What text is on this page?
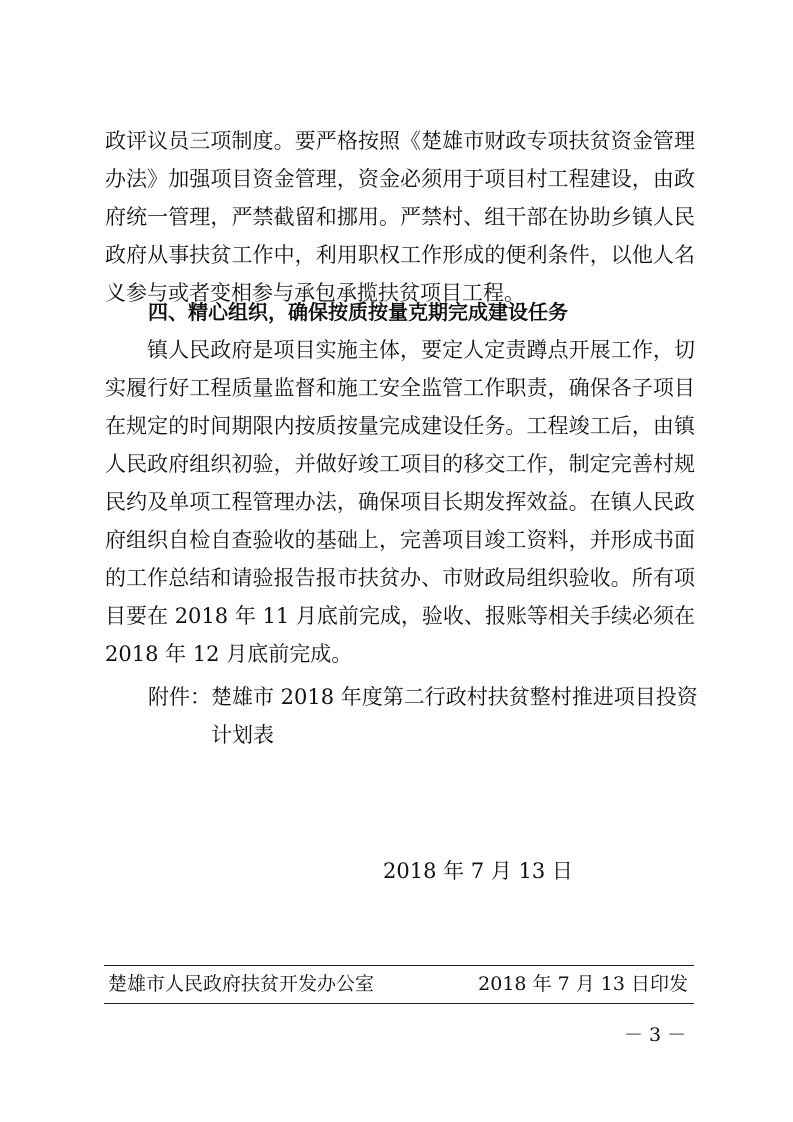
政评议员三项制度。要严格按照《楚雄市财政专项扶贫资金管理
办法》加强项目资金管理，资金必须用于项目村工程建设，由政
府统一管理，严禁截留和挪用。严禁村、组干部在协助乡镇人民
政府从事扶贫工作中，利用职权工作形成的便利条件，以他人名
义参与或者变相参与承包承揽扶贫项目工程。
四、精心组织，确保按质按量克期完成建设任务
镇人民政府是项目实施主体，要定人定责蹲点开展工作，切
实履行好工程质量监督和施工安全监管工作职责，确保各子项目
在规定的时间期限内按质按量完成建设任务。工程竣工后，由镇
人民政府组织初验，并做好竣工项目的移交工作，制定完善村规
民约及单项工程管理办法，确保项目长期发挥效益。在镇人民政
府组织自检自查验收的基础上，完善项目竣工资料，并形成书面
的工作总结和请验报告报市扶贫办、市财政局组织验收。所有项
目要在 2018 年 11 月底前完成，验收、报账等相关手续必须在
2018 年 12 月底前完成。
附件： 楚雄市 2018 年度第二行政村扶贫整村推进项目投资
计划表
2018 年 7 月 13 日
楚雄市人民政府扶贫开发办公室	2018 年 7 月 13 日印发
－ 3 －
